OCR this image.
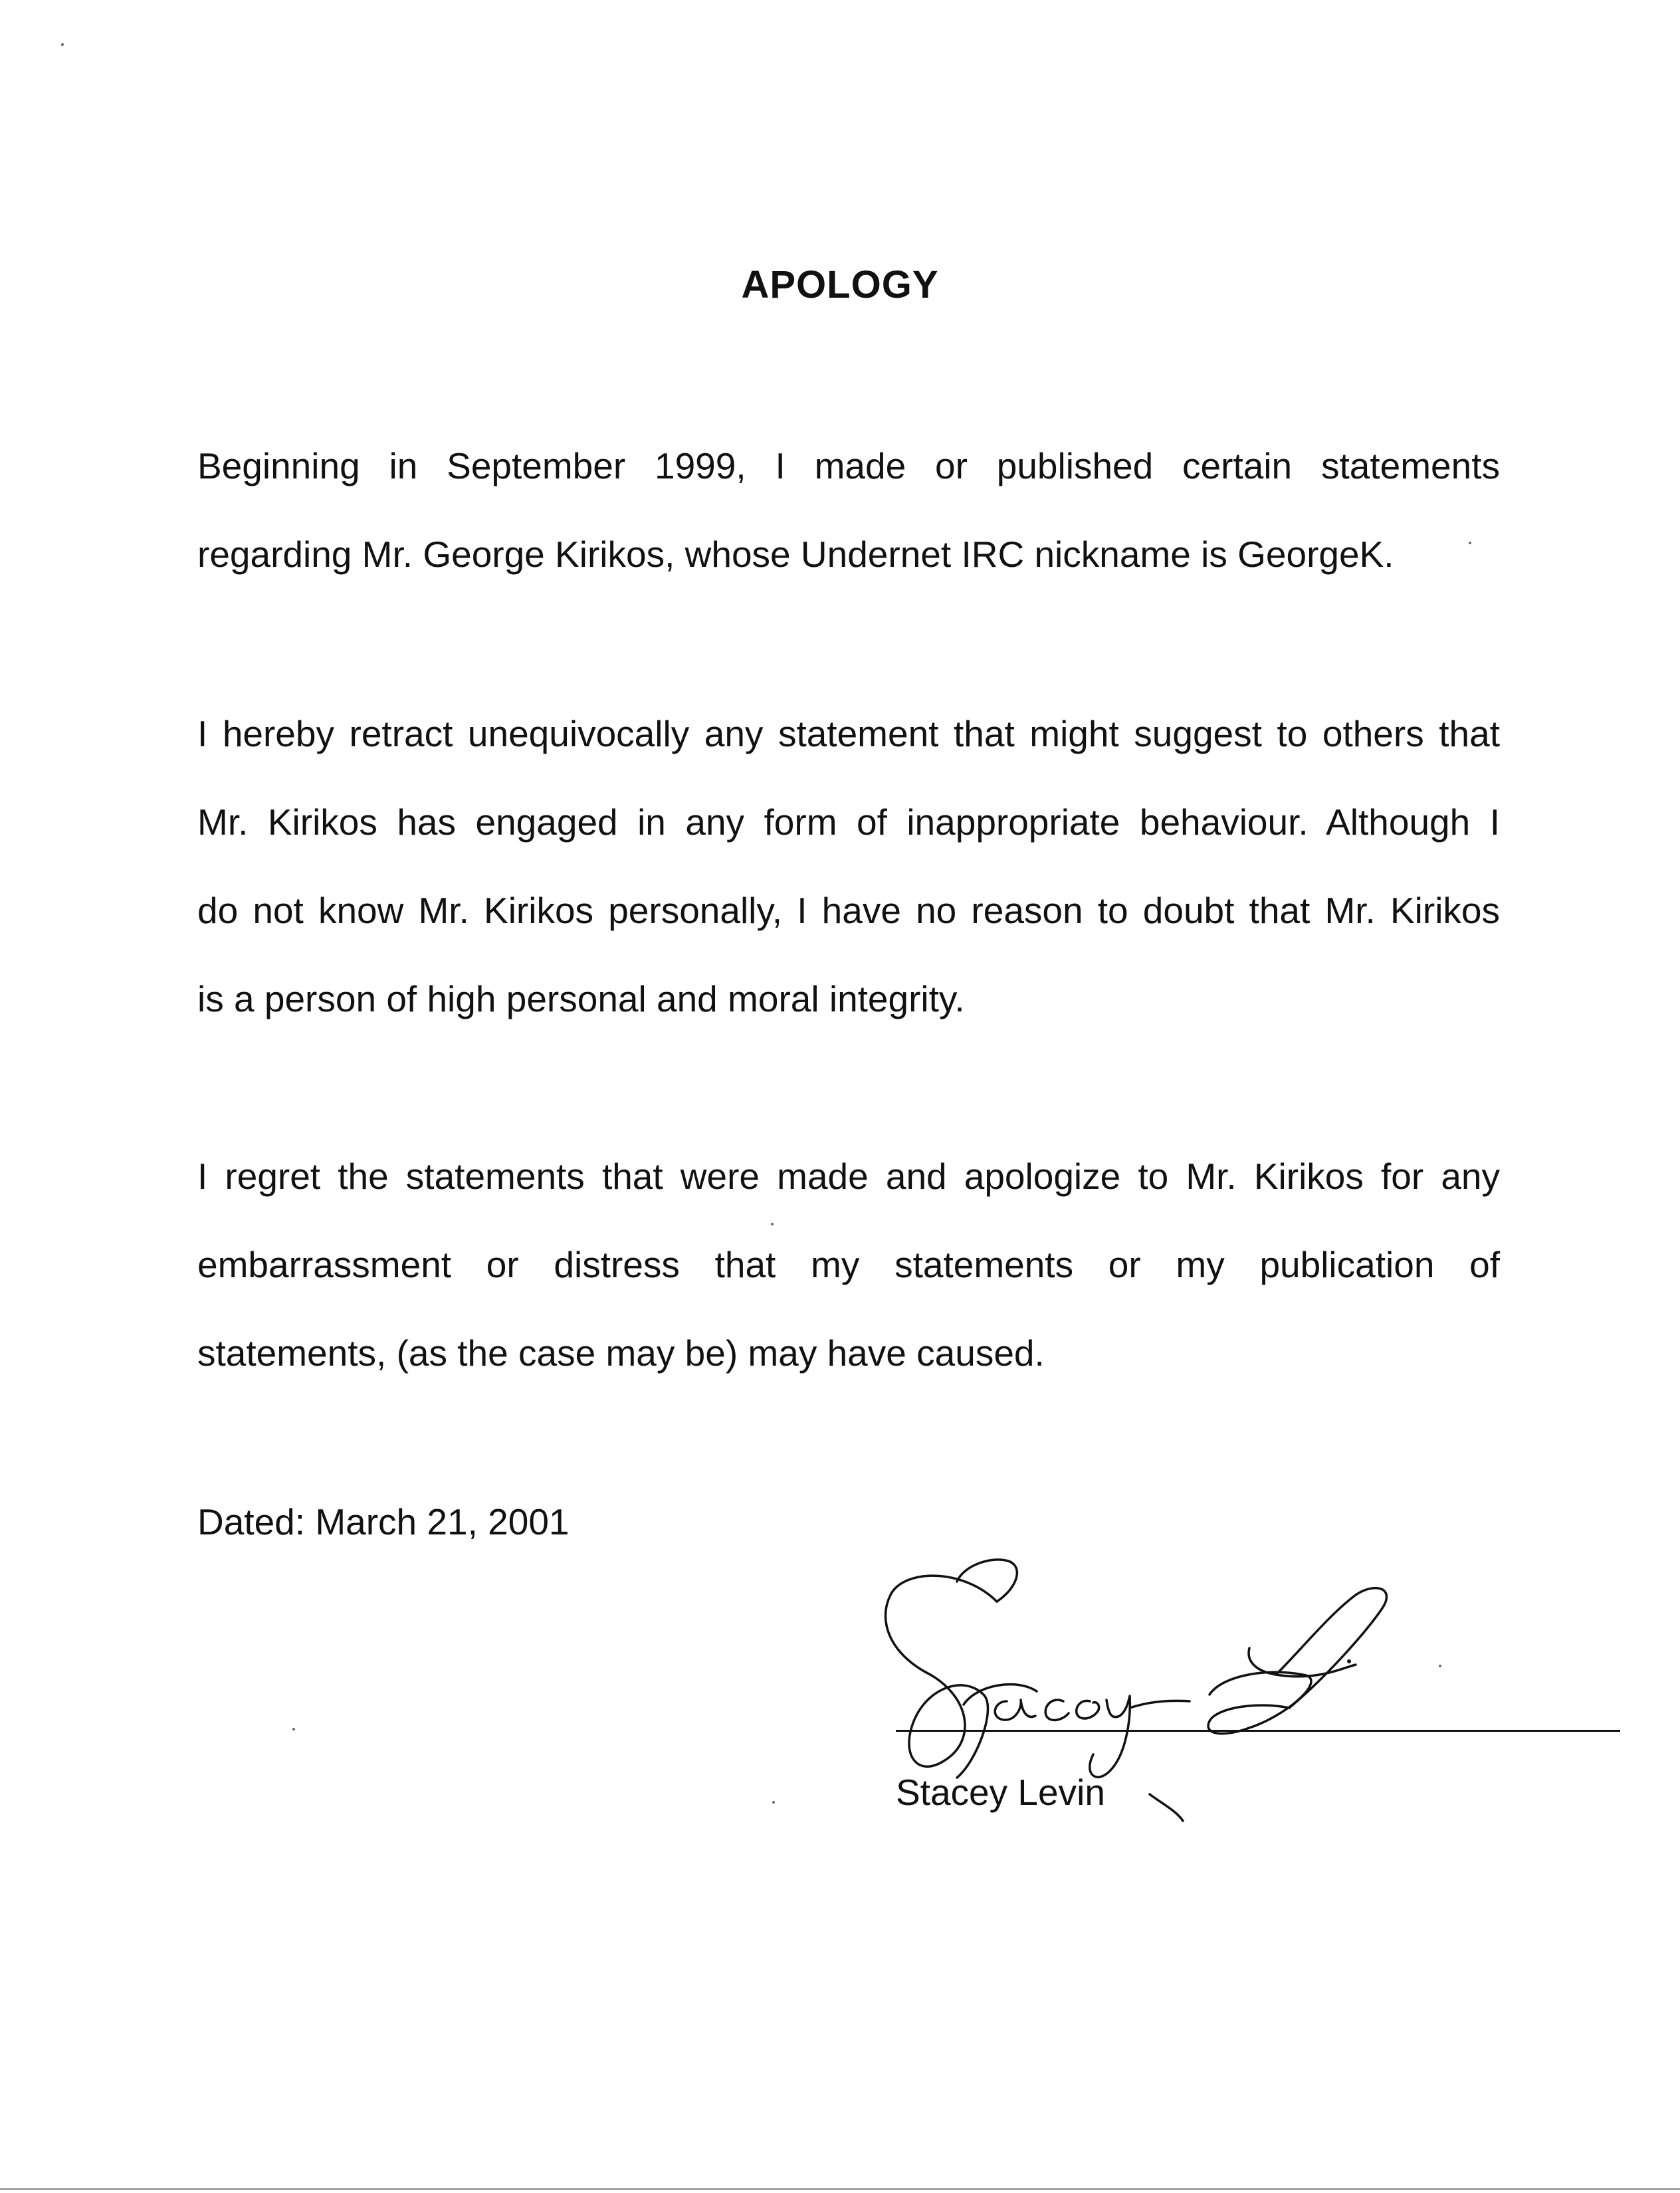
APOLOGY

Beginning in September 1999, I made or published certain statements
regarding Mr. George Kirikos, whose Undernet IRC nickname is GeorgeK.

I hereby retract unequivocally any statement that might suggest to others that
Mr. Kirikos has engaged in any form of inappropriate behaviour. Although I
do not know Mr. Kirikos personally, I have no reason to doubt that Mr. Kirikos
is a person of high personal and moral integrity.

I regret the statements that were made and apologize to Mr. Kirikos for any
embarrassment or distress that my statements or my publication of
statements, (as the case may be) may have caused.

Dated: March 21, 2001

Stacey Levin
